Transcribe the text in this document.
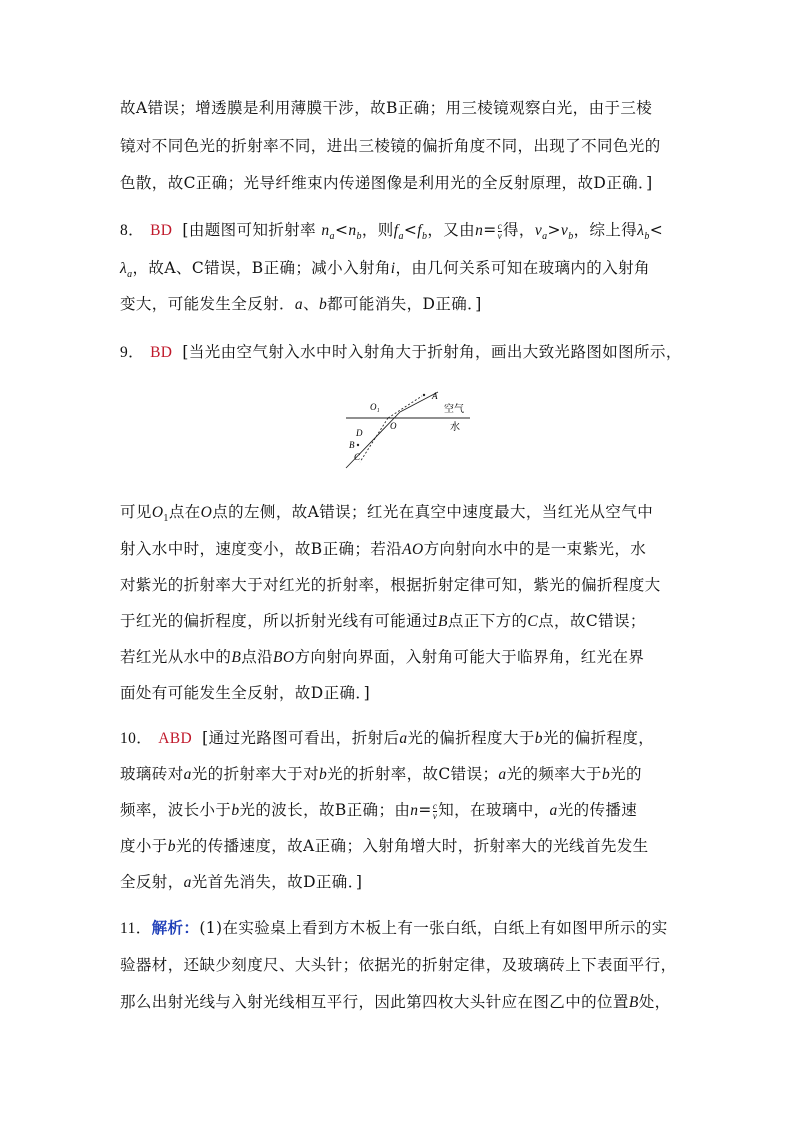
故A错误；增透膜是利用薄膜干涉，故B正确；用三棱镜观察白光，由于三棱
镜对不同色光的折射率不同，进出三棱镜的偏折角度不同，出现了不同色光的
色散，故C正确；光导纤维束内传递图像是利用光的全反射原理，故D正确．]
8． BD [由题图可知折射率 $n_a<n_b$，则$f_a<f_b$，又由$n= \frac{c}{v}$ 得，$v_a>v_b$，综上得$\lambda_b<$
$\lambda_a$，故A、C错误，B正确；减小入射角i，由几何关系可知在玻璃内的入射角
变大，可能发生全反射．a、b都可能消失，D正确．]
9． BD [当光由空气射入水中时入射角大于折射角，画出大致光路图如图所示，
O₁
A
空气
O	水
D
B
C
可见$O_1$点在O点的左侧，故A错误；红光在真空中速度最大，当红光从空气中
射入水中时，速度变小，故B正确；若沿AO方向射向水中的是一束紫光，水
对紫光的折射率大于对红光的折射率，根据折射定律可知，紫光的偏折程度大
于红光的偏折程度，所以折射光线有可能通过B点正下方的C点，故C错误；
若红光从水中的B点沿BO方向射向界面，入射角可能大于临界角，红光在界
面处有可能发生全反射，故D正确．]
10． ABD [通过光路图可看出，折射后a光的偏折程度大于b光的偏折程度，
玻璃砖对a光的折射率大于对b光的折射率，故C错误；a光的频率大于b光的
频率，波长小于b光的波长，故B正确；由$n= \frac{c}{v}$ 知，在玻璃中，a光的传播速
度小于b光的传播速度，故A正确；入射角增大时，折射率大的光线首先发生
全反射，a光首先消失，故D正确．]
11．解析：(1)在实验桌上看到方木板上有一张白纸，白纸上有如图甲所示的实
验器材，还缺少刻度尺、大头针；依据光的折射定律，及玻璃砖上下表面平行，
那么出射光线与入射光线相互平行，因此第四枚大头针应在图乙中的位置B处，
